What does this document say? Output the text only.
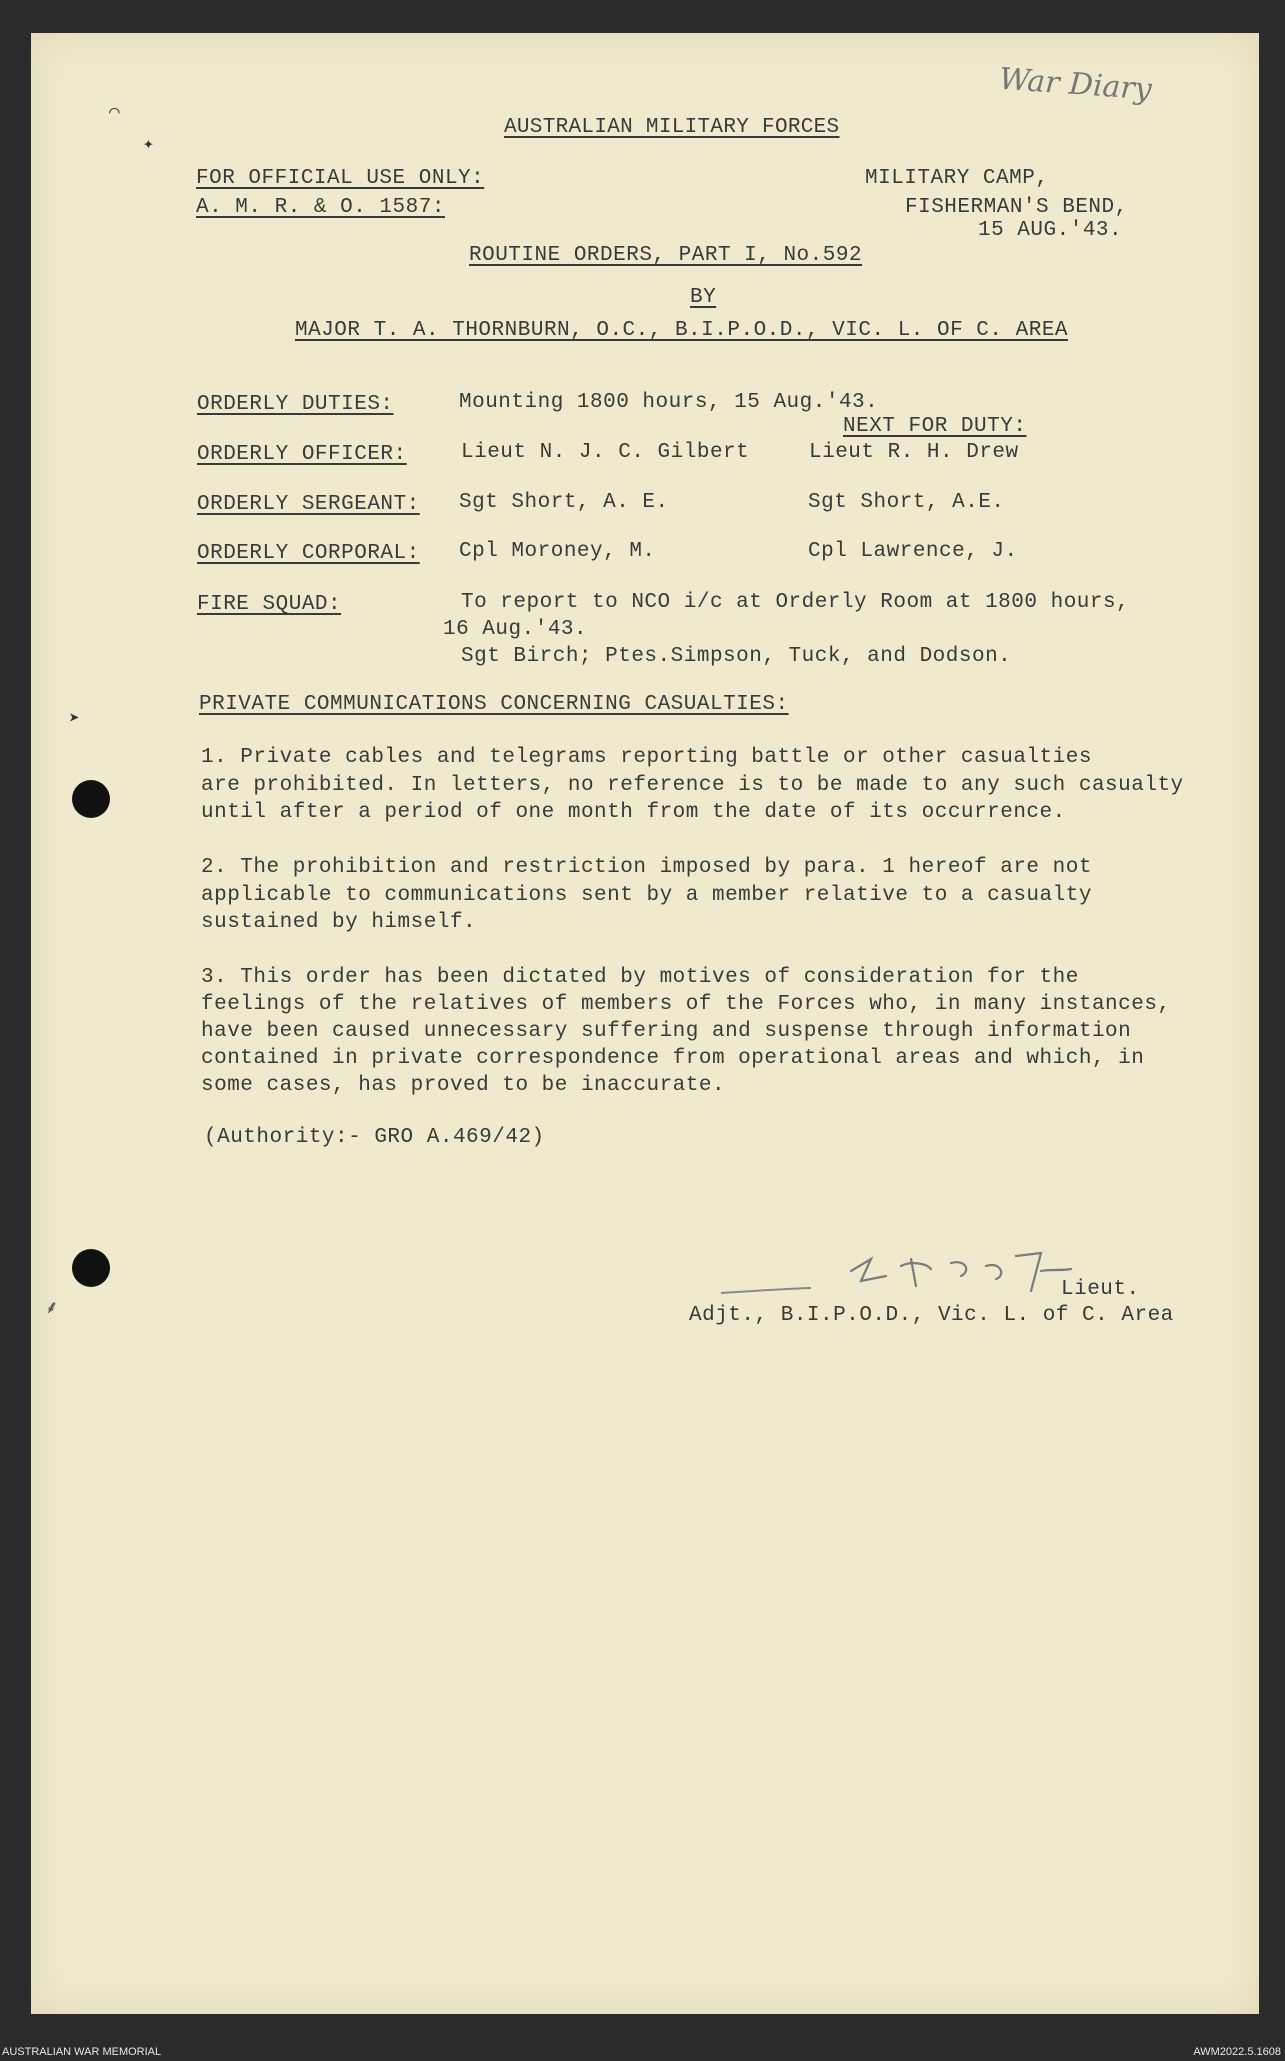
War Diary
AUSTRALIAN MILITARY FORCES
FOR OFFICIAL USE ONLY:
A. M. R. & O. 1587:
MILITARY CAMP,
FISHERMAN'S BEND,
15 AUG.'43.
ROUTINE ORDERS, PART I, No.592
BY
MAJOR T. A. THORNBURN, O.C., B.I.P.O.D., VIC. L. OF C. AREA
ORDERLY DUTIES:	Mounting 1800 hours, 15 Aug.'43.
NEXT FOR DUTY:
ORDERLY OFFICER:	Lieut N. J. C. Gilbert	Lieut R. H. Drew
ORDERLY SERGEANT: Sgt Short, A. E.	Sgt Short, A.E.
ORDERLY CORPORAL: Cpl Moroney, M.	Cpl Lawrence, J.
FIRE SQUAD:	To report to NCO i/c at Orderly Room at 1800 hours,
16 Aug.'43.
Sgt Birch; Ptes.Simpson, Tuck, and Dodson.
PRIVATE COMMUNICATIONS CONCERNING CASUALTIES:
1. Private cables and telegrams reporting battle or other casualties
are prohibited. In letters, no reference is to be made to any such casualty
until after a period of one month from the date of its occurrence.
2. The prohibition and restriction imposed by para. 1 hereof are not
applicable to communications sent by a member relative to a casualty
sustained by himself.
3. This order has been dictated by motives of consideration for the
feelings of the relatives of members of the Forces who, in many instances,
have been caused unnecessary suffering and suspense through information
contained in private correspondence from operational areas and which, in
some cases, has proved to be inaccurate.
(Authority:- GRO A.469/42)
Lieut.
Adjt., B.I.P.O.D., Vic. L. of C. Area
⌒
✦
➤
⸙
AUSTRALIAN WAR MEMORIAL	AWM2022.5.1608
